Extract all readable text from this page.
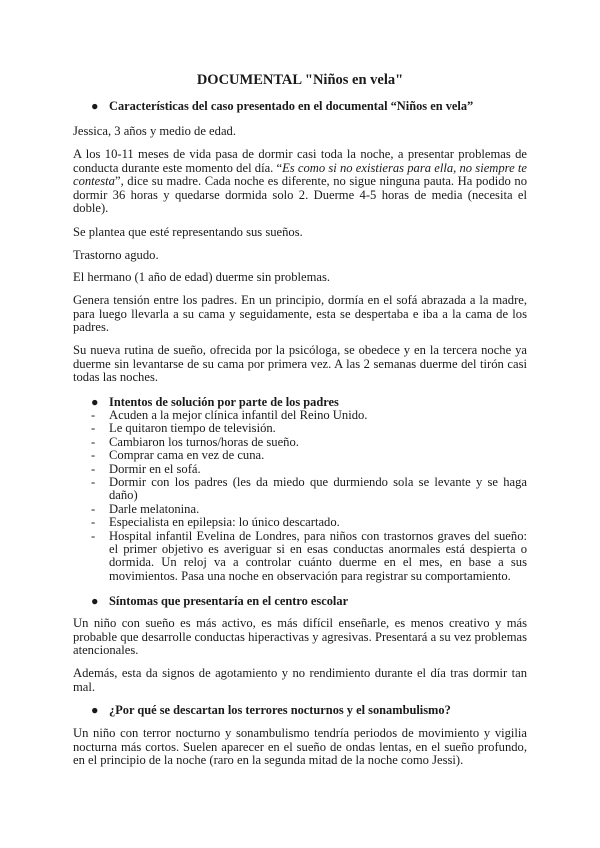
DOCUMENTAL "Niños en vela"
● Características del caso presentado en el documental “Niños en vela”
Jessica, 3 años y medio de edad.
A los 10-11 meses de vida pasa de dormir casi toda la noche, a presentar problemas de conducta durante este momento del día. “Es como si no existieras para ella, no siempre te contesta”, dice su madre. Cada noche es diferente, no sigue ninguna pauta. Ha podido no dormir 36 horas y quedarse dormida solo 2. Duerme 4-5 horas de media (necesita el doble).
Se plantea que esté representando sus sueños.
Trastorno agudo.
El hermano (1 año de edad) duerme sin problemas.
Genera tensión entre los padres. En un principio, dormía en el sofá abrazada a la madre, para luego llevarla a su cama y seguidamente, esta se despertaba e iba a la cama de los padres.
Su nueva rutina de sueño, ofrecida por la psicóloga, se obedece y en la tercera noche ya duerme sin levantarse de su cama por primera vez. A las 2 semanas duerme del tirón casi todas las noches.
● Intentos de solución por parte de los padres
- Acuden a la mejor clínica infantil del Reino Unido.
- Le quitaron tiempo de televisión.
- Cambiaron los turnos/horas de sueño.
- Comprar cama en vez de cuna.
- Dormir en el sofá.
- Dormir con los padres (les da miedo que durmiendo sola se levante y se haga daño)
- Darle melatonina.
- Especialista en epilepsia: lo único descartado.
- Hospital infantil Evelina de Londres, para niños con trastornos graves del sueño: el primer objetivo es averiguar si en esas conductas anormales está despierta o dormida. Un reloj va a controlar cuánto duerme en el mes, en base a sus movimientos. Pasa una noche en observación para registrar su comportamiento.
● Síntomas que presentaría en el centro escolar
Un niño con sueño es más activo, es más difícil enseñarle, es menos creativo y más probable que desarrolle conductas hiperactivas y agresivas. Presentará a su vez problemas atencionales.
Además, esta da signos de agotamiento y no rendimiento durante el día tras dormir tan mal.
● ¿Por qué se descartan los terrores nocturnos y el sonambulismo?
Un niño con terror nocturno y sonambulismo tendría periodos de movimiento y vigilia nocturna más cortos. Suelen aparecer en el sueño de ondas lentas, en el sueño profundo, en el principio de la noche (raro en la segunda mitad de la noche como Jessi).
